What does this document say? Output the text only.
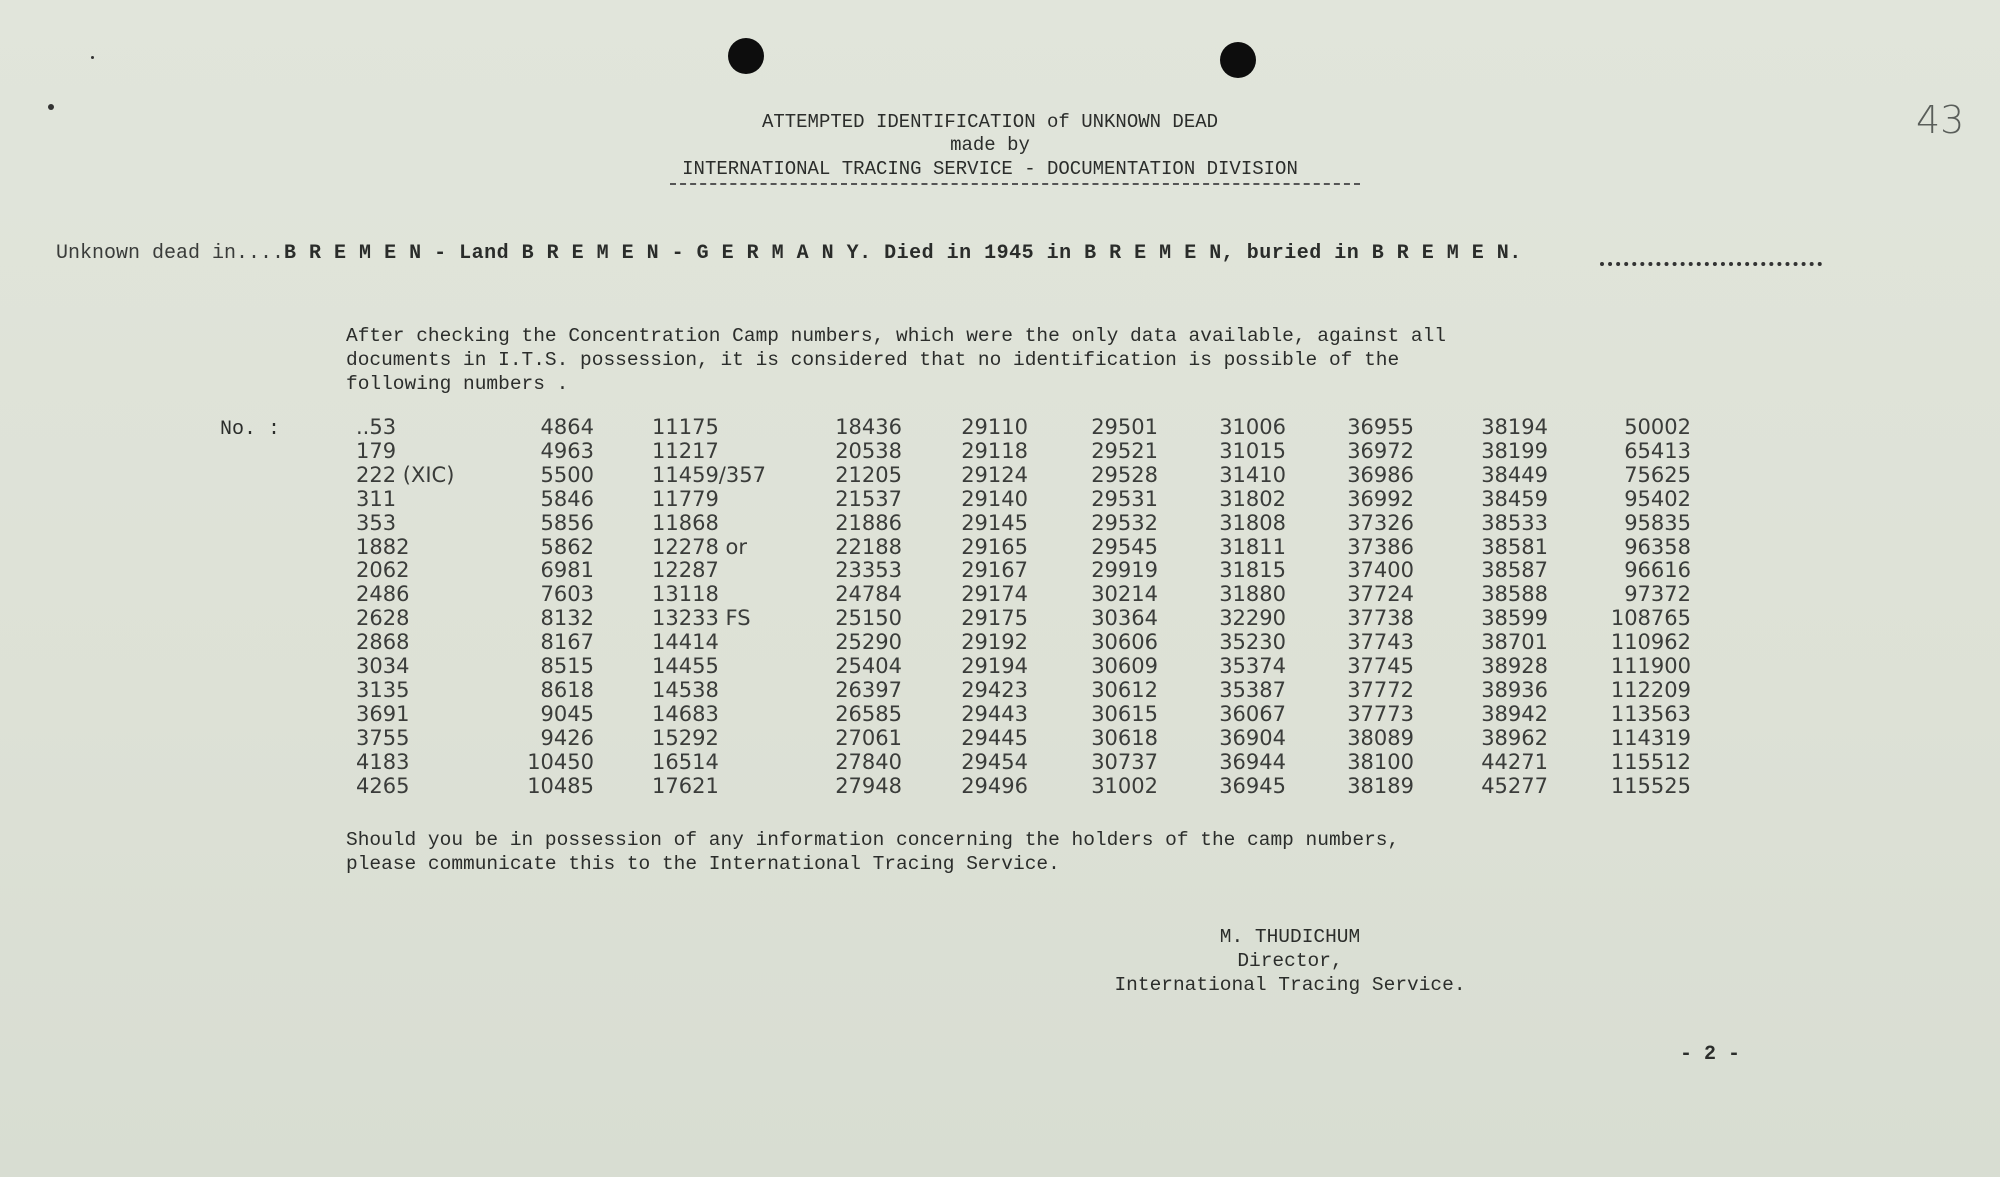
43
ATTEMPTED IDENTIFICATION of UNKNOWN DEAD
made by
INTERNATIONAL TRACING SERVICE - DOCUMENTATION DIVISION
Unknown dead in....B R E M E N - Land B R E M E N - G E R M A N Y. Died in 1945 in B R E M E N, buried in B R E M E N.
After checking the Concentration Camp numbers, which were the only data available, against all
documents in I.T.S. possession, it is considered that no identification is possible of the
following numbers .
No. :	..53
179
222 (XIC)
311
353
1882
2062
2486
2628
2868
3034
3135
3691
3755
4183
4265
4864
4963
5500
5846
5856
5862
6981
7603
8132
8167
8515
8618
9045
9426
10450
10485
11175
11217
11459/357
11779
11868
12278 or
12287
13118
13233 FS
14414
14455
14538
14683
15292
16514
17621
18436
20538
21205
21537
21886
22188
23353
24784
25150
25290
25404
26397
26585
27061
27840
27948
29110
29118
29124
29140
29145
29165
29167
29174
29175
29192
29194
29423
29443
29445
29454
29496
29501
29521
29528
29531
29532
29545
29919
30214
30364
30606
30609
30612
30615
30618
30737
31002
31006
31015
31410
31802
31808
31811
31815
31880
32290
35230
35374
35387
36067
36904
36944
36945
36955
36972
36986
36992
37326
37386
37400
37724
37738
37743
37745
37772
37773
38089
38100
38189
38194
38199
38449
38459
38533
38581
38587
38588
38599
38701
38928
38936
38942
38962
44271
45277
50002
65413
75625
95402
95835
96358
96616
97372
108765
110962
111900
112209
113563
114319
115512
115525
Should you be in possession of any information concerning the holders of the camp numbers,
please communicate this to the International Tracing Service.
M. THUDICHUM
Director,
International Tracing Service.
- 2 -
